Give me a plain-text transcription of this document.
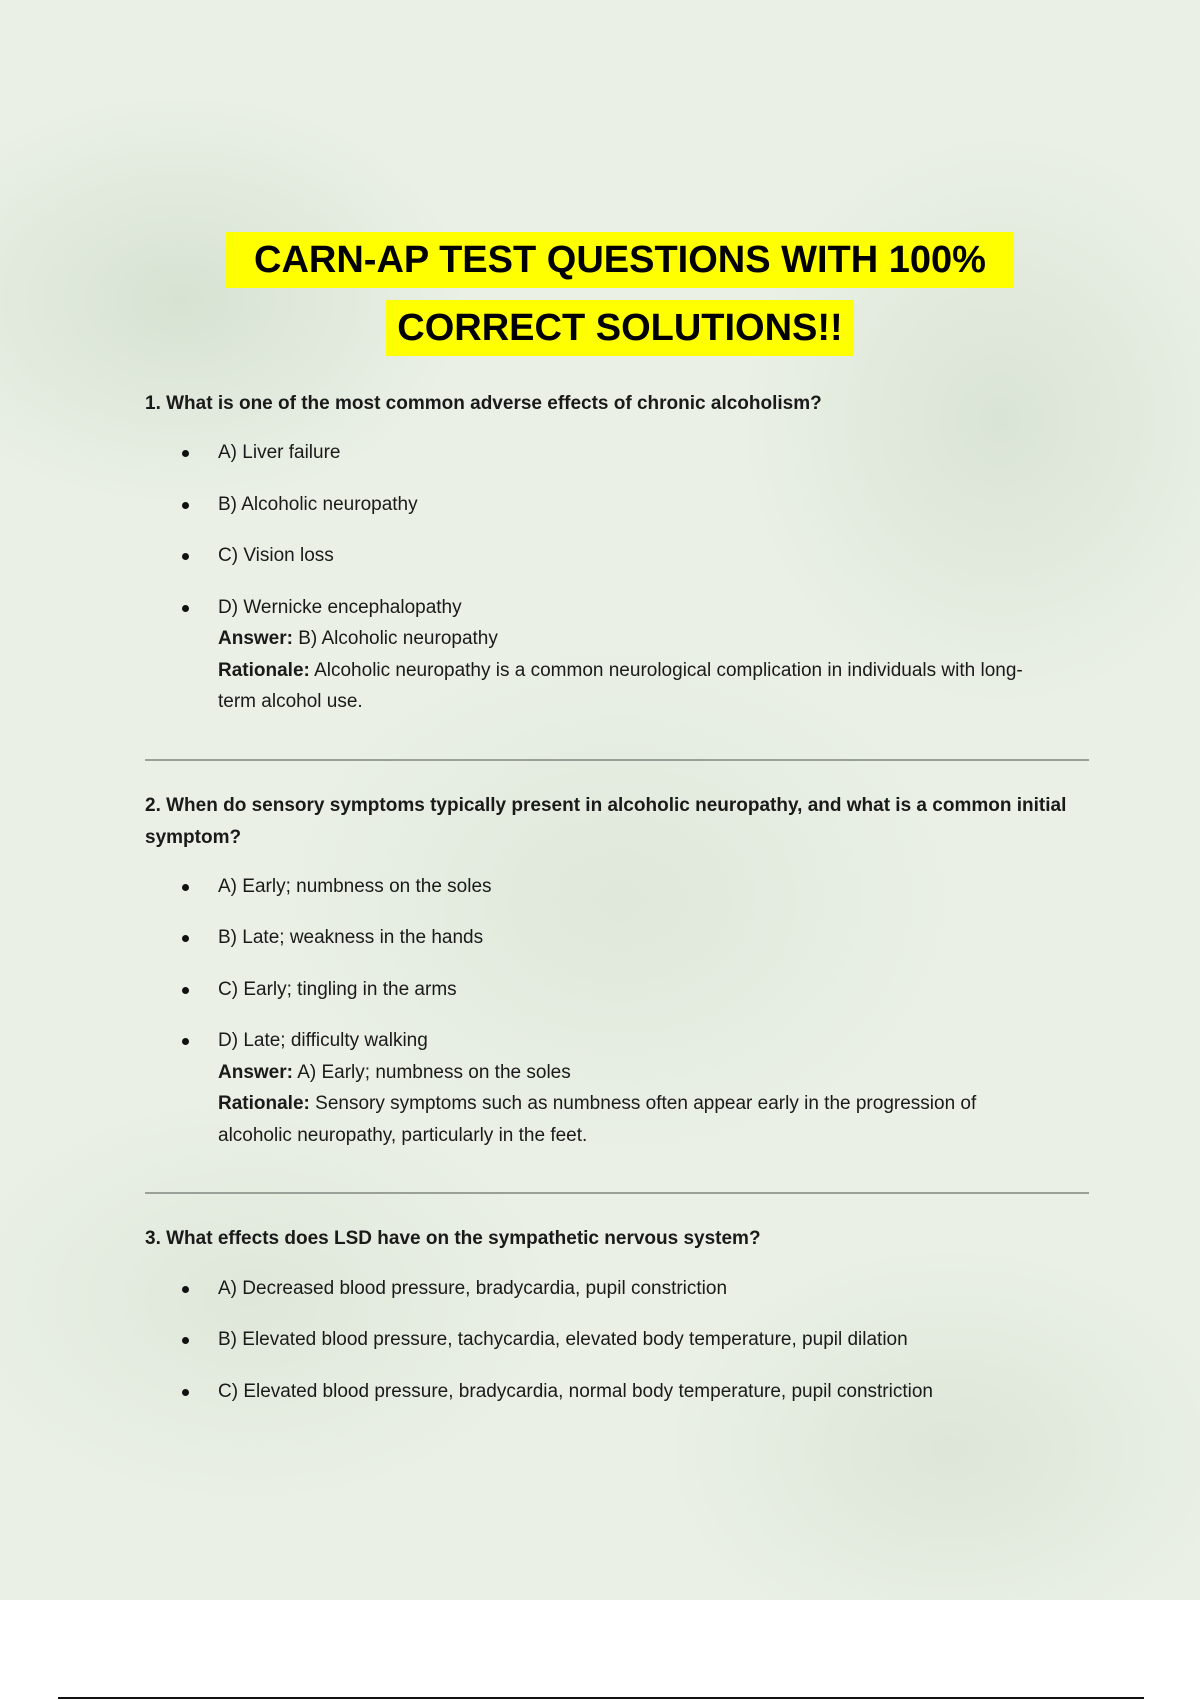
CARN-AP TEST QUESTIONS WITH 100%
CORRECT SOLUTIONS!!
1. What is one of the most common adverse effects of chronic alcoholism?
A) Liver failure
B) Alcoholic neuropathy
C) Vision loss
D) Wernicke encephalopathy
Answer: B) Alcoholic neuropathy
Rationale: Alcoholic neuropathy is a common neurological complication in individuals with long-
term alcohol use.
2. When do sensory symptoms typically present in alcoholic neuropathy, and what is a common initial
symptom?
A) Early; numbness on the soles
B) Late; weakness in the hands
C) Early; tingling in the arms
D) Late; difficulty walking
Answer: A) Early; numbness on the soles
Rationale: Sensory symptoms such as numbness often appear early in the progression of
alcoholic neuropathy, particularly in the feet.
3. What effects does LSD have on the sympathetic nervous system?
A) Decreased blood pressure, bradycardia, pupil constriction
B) Elevated blood pressure, tachycardia, elevated body temperature, pupil dilation
C) Elevated blood pressure, bradycardia, normal body temperature, pupil constriction
